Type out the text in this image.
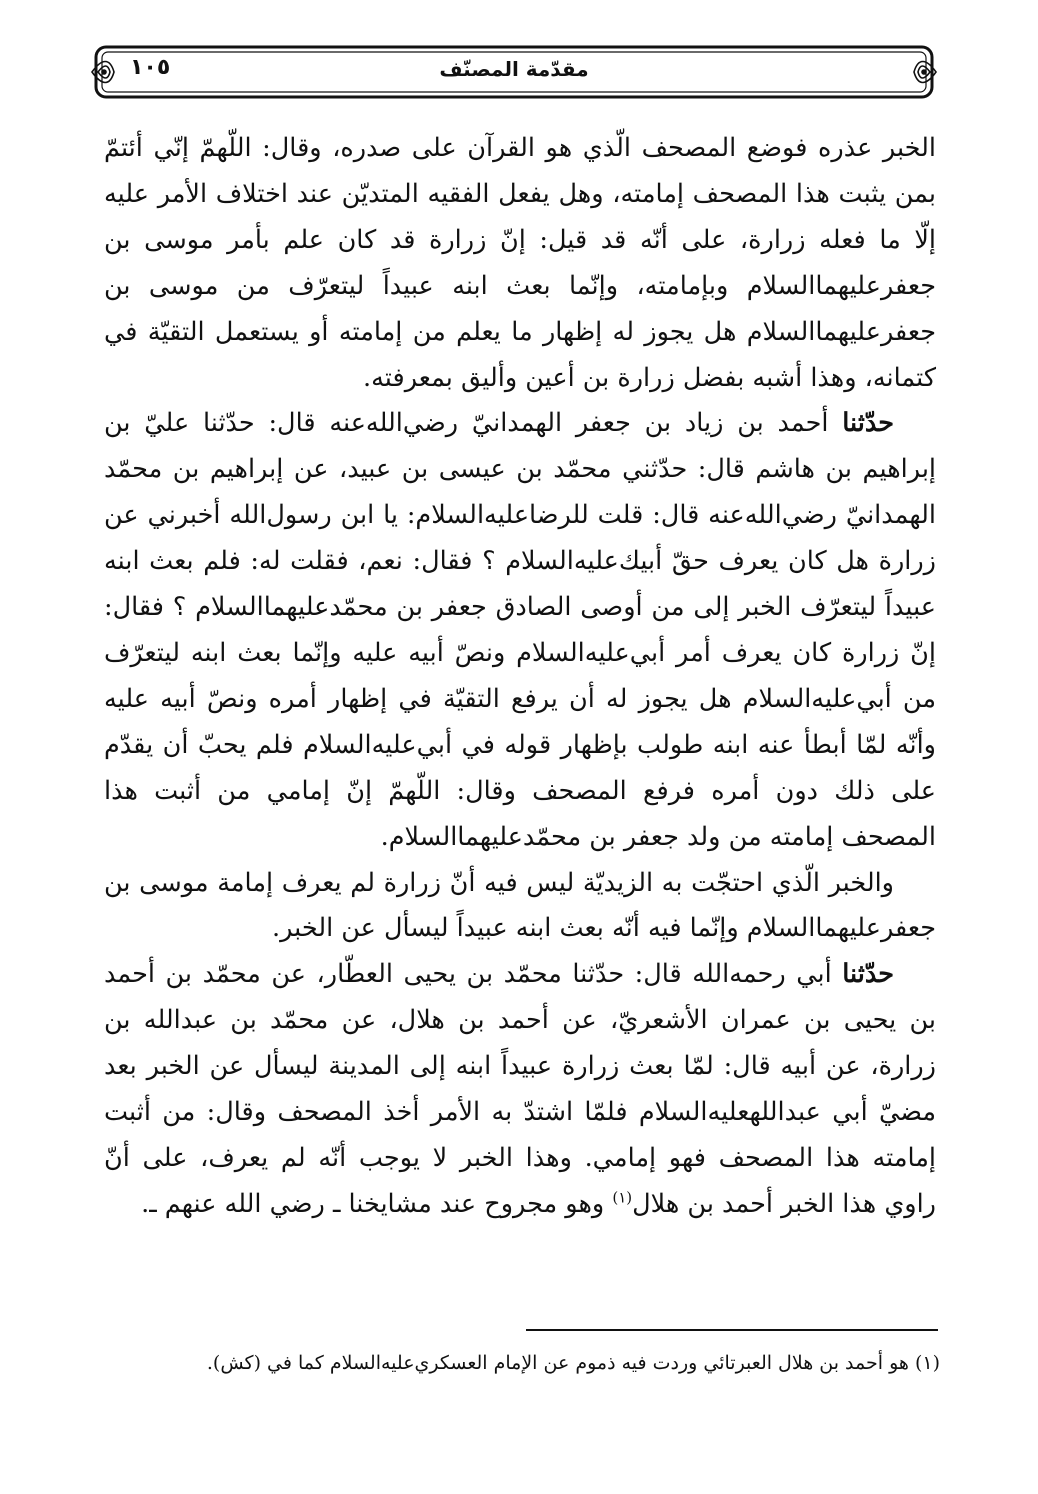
مقدّمة المصنّف
١٠٥

الخبر عذره فوضع المصحف الّذي هو القرآن على صدره، وقال: اللّهمّ إنّي أئتمّ بمن يثبت هذا المصحف إمامته، وهل يفعل الفقيه المتديّن عند اختلاف الأمر عليه إلّا ما فعله زرارة، على أنّه قد قيل: إنّ زرارة قد كان علم بأمر موسى بن جعفرعليهما‌السلام وبإمامته، وإنّما بعث ابنه عبيداً ليتعرّف من موسى بن جعفرعليهما‌السلام هل يجوز له إظهار ما يعلم من إمامته أو يستعمل التقيّة في كتمانه، وهذا أشبه بفضل زرارة بن أعين وأليق بمعرفته.

حدّثنا أحمد بن زياد بن جعفر الهمدانيّ رضي‌الله‌عنه قال: حدّثنا عليّ بن إبراهيم بن هاشم قال: حدّثني محمّد بن عيسى بن عبيد، عن إبراهيم بن محمّد الهمدانيّ رضي‌الله‌عنه قال: قلت للرضاعليه‌السلام: يا ابن رسول‌الله أخبرني عن زرارة هل كان يعرف حقّ أبيك‌عليه‌السلام ؟ فقال: نعم، فقلت له: فلم بعث ابنه عبيداً ليتعرّف الخبر إلى من أوصى الصادق جعفر بن محمّدعليهما‌السلام ؟ فقال: إنّ زرارة كان يعرف أمر أبي‌عليه‌السلام ونصّ أبيه عليه وإنّما بعث ابنه ليتعرّف من أبي‌عليه‌السلام هل يجوز له أن يرفع التقيّة في إظهار أمره ونصّ أبيه عليه وأنّه لمّا أبطأ عنه ابنه طولب بإظهار قوله في أبي‌عليه‌السلام فلم يحبّ أن يقدّم على ذلك دون أمره فرفع المصحف وقال: اللّهمّ إنّ إمامي من أثبت هذا المصحف إمامته من ولد جعفر بن محمّدعليهما‌السلام.

والخبر الّذي احتجّت به الزيديّة ليس فيه أنّ زرارة لم يعرف إمامة موسى بن جعفرعليهما‌السلام وإنّما فيه أنّه بعث ابنه عبيداً ليسأل عن الخبر.

حدّثنا أبي رحمه‌الله قال: حدّثنا محمّد بن يحيى العطّار، عن محمّد بن أحمد بن يحيى بن عمران الأشعريّ، عن أحمد بن هلال، عن محمّد بن عبدالله بن زرارة، عن أبيه قال: لمّا بعث زرارة عبيداً ابنه إلى المدينة ليسأل عن الخبر بعد مضيّ أبي عبداللهعليه‌السلام فلمّا اشتدّ به الأمر أخذ المصحف وقال: من أثبت إمامته هذا المصحف فهو إمامي. وهذا الخبر لا يوجب أنّه لم يعرف، على أنّ راوي هذا الخبر أحمد بن هلال$^{(١)}$ وهو مجروح عند مشايخنا ـ رضي الله عنهم ـ.

(١) هو أحمد بن هلال العبرتائي وردت فيه ذموم عن الإمام العسكري‌عليه‌السلام كما في (كش).
